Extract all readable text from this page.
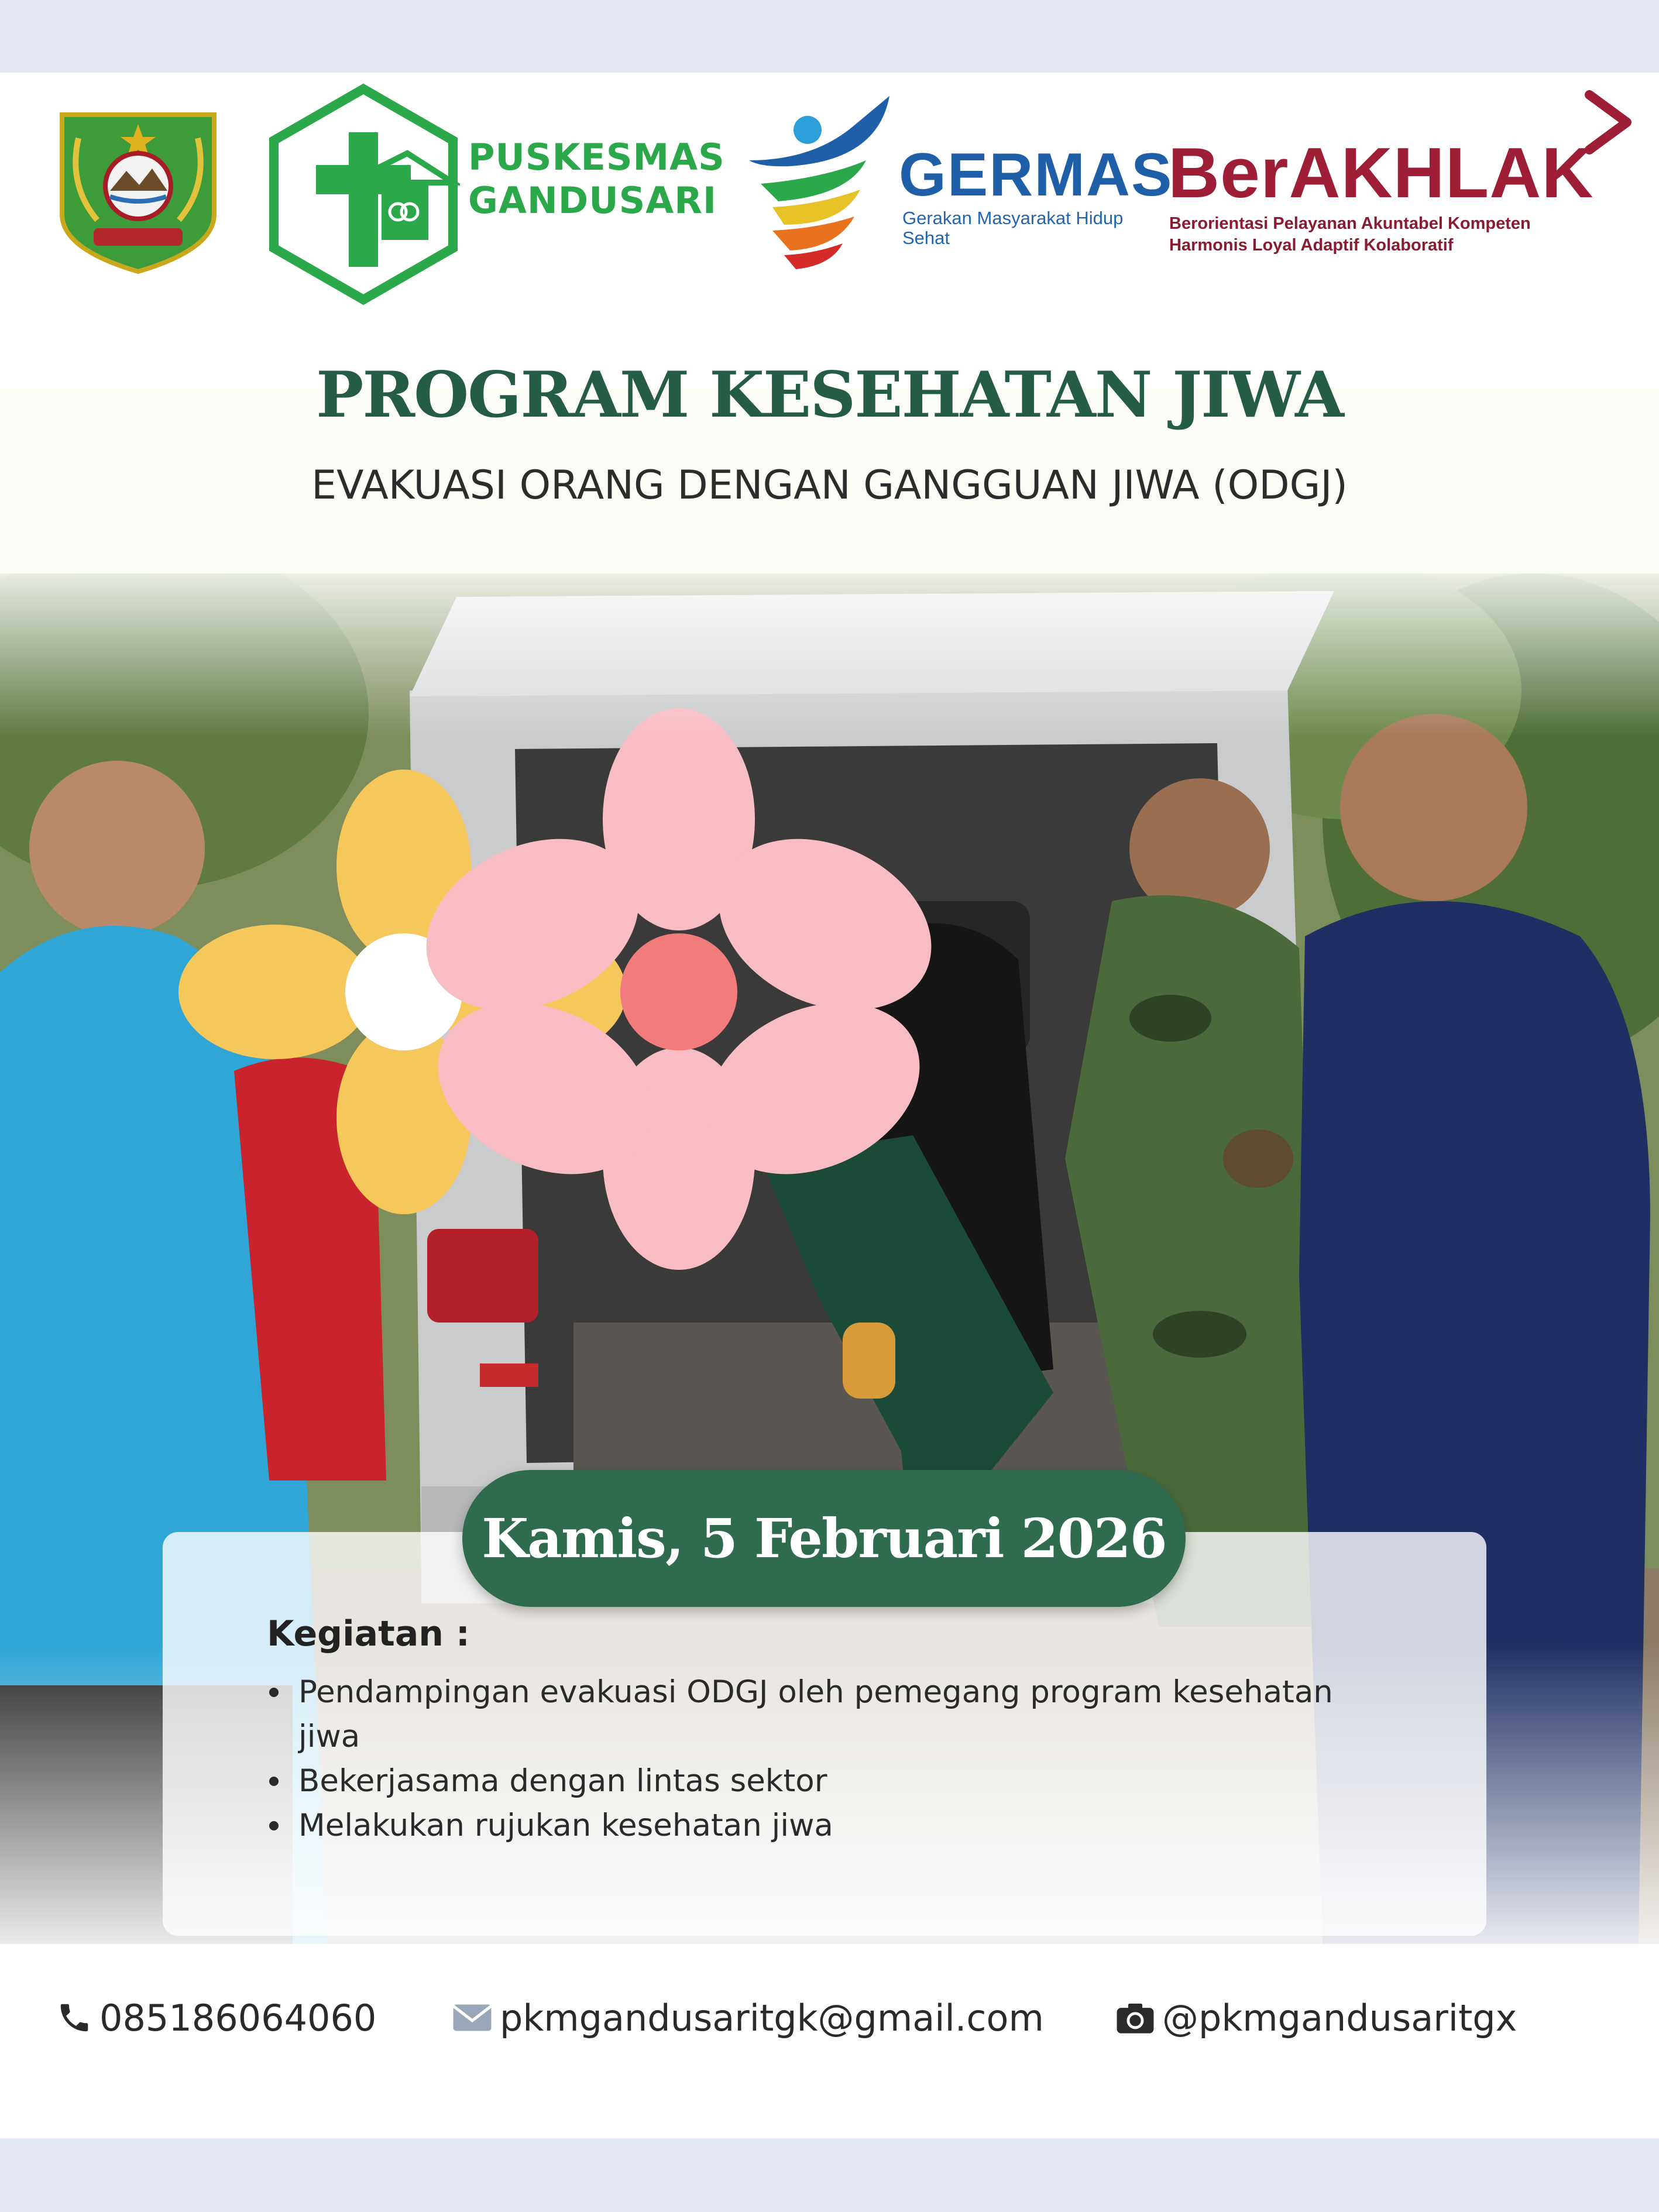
PUSKESMAS GANDUSARI	GERMAS
Gerakan Masyarakat Hidup Sehat
BerAKHLAK
Berorientasi Pelayanan Akuntabel Kompeten
Harmonis Loyal Adaptif Kolaboratif
PROGRAM KESEHATAN JIWA
EVAKUASI ORANG DENGAN GANGGUAN JIWA (ODGJ)
Kegiatan :
Pendampingan evakuasi ODGJ oleh pemegang program kesehatan jiwa
Bekerjasama dengan lintas sektor
Melakukan rujukan kesehatan jiwa
Kamis, 5 Februari 2026
085186064060	pkmgandusaritgk@gmail.com	@pkmgandusaritgx
